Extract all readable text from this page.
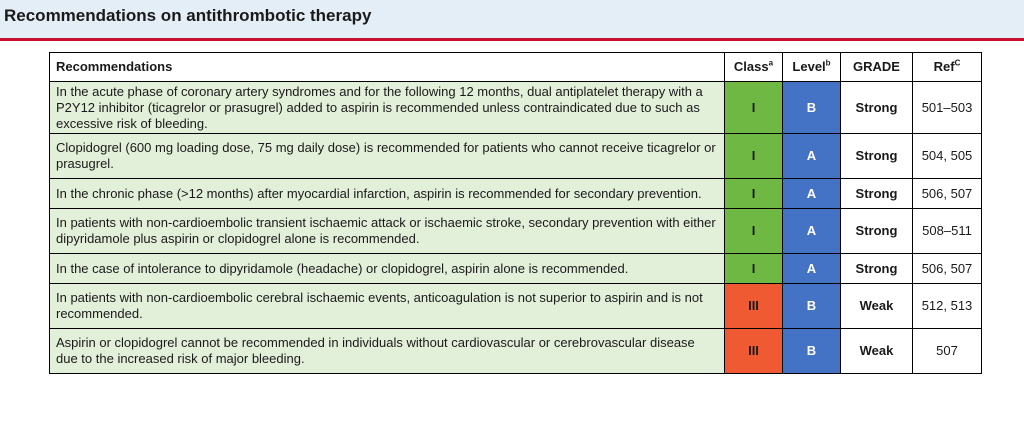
Recommendations on antithrombotic therapy
Recommendations	Class$^a$	Level$^b$	GRADE	Ref$^C$
In the acute phase of coronary artery syndromes and for the following 12 months, dual antiplatelet therapy with a P2Y12 inhibitor (ticagrelor or prasugrel) added to aspirin is recommended unless contraindicated due to such as excessive risk of bleeding.	I	B	Strong	501–503
Clopidogrel (600 mg loading dose, 75 mg daily dose) is recommended for patients who cannot receive ticagrelor or prasugrel.	I	A	Strong	504, 505
In the chronic phase (>12 months) after myocardial infarction, aspirin is recommended for secondary prevention.	I	A	Strong	506, 507
In patients with non-cardioembolic transient ischaemic attack or ischaemic stroke, secondary prevention with either dipyridamole plus aspirin or clopidogrel alone is recommended.	I	A	Strong	508–511
In the case of intolerance to dipyridamole (headache) or clopidogrel, aspirin alone is recommended.	I	A	Strong	506, 507
In patients with non-cardioembolic cerebral ischaemic events, anticoagulation is not superior to aspirin and is not recommended.	III	B	Weak	512, 513
Aspirin or clopidogrel cannot be recommended in individuals without cardiovascular or cerebrovascular disease due to the increased risk of major bleeding.	III	B	Weak	507
